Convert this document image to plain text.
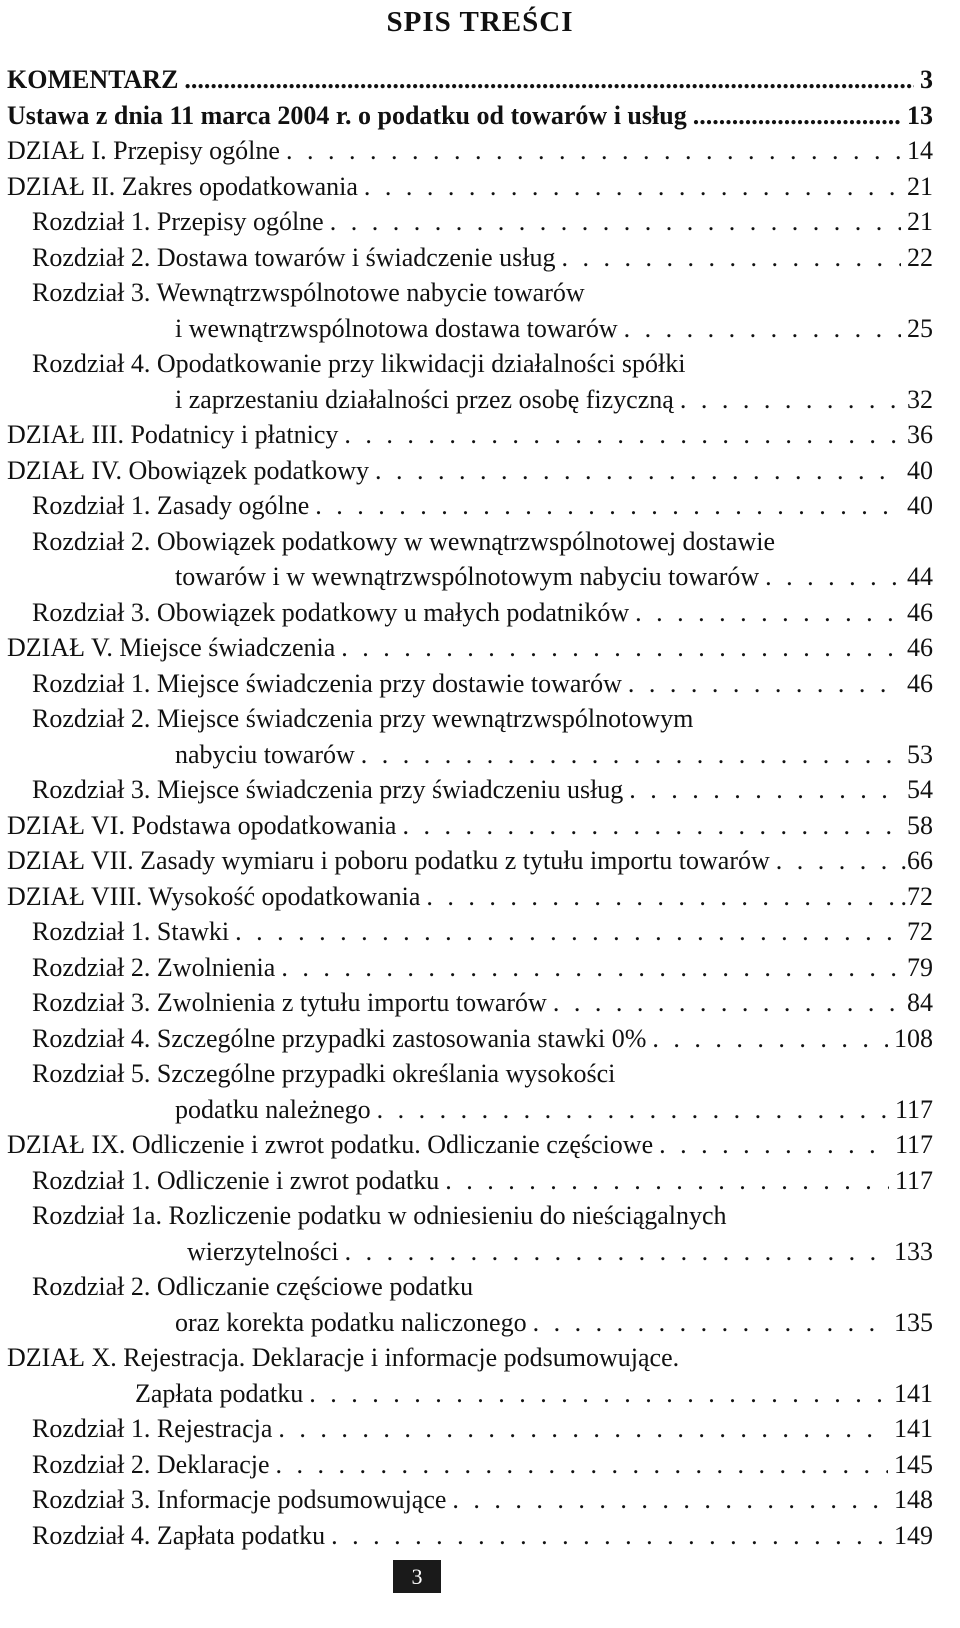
SPIS TREŚCI
KOMENTARZ .....	3
Ustawa z dnia 11 marca 2004 r. o podatku od towarów i usług .....	13
DZIAŁ I. Przepisy ogólne . . .	14
DZIAŁ II. Zakres opodatkowania . . .	21
Rozdział 1. Przepisy ogólne . . .	21
Rozdział 2. Dostawa towarów i świadczenie usług . . .	22
Rozdział 3. Wewnątrzwspólnotowe nabycie towarów
i wewnątrzwspólnotowa dostawa towarów . . .	25
Rozdział 4. Opodatkowanie przy likwidacji działalności spółki
i zaprzestaniu działalności przez osobę fizyczną . . .	32
DZIAŁ III. Podatnicy i płatnicy . . .	36
DZIAŁ IV. Obowiązek podatkowy . . .	40
Rozdział 1. Zasady ogólne . . .	40
Rozdział 2. Obowiązek podatkowy w wewnątrzwspólnotowej dostawie
towarów i w wewnątrzwspólnotowym nabyciu towarów . . .	44
Rozdział 3. Obowiązek podatkowy u małych podatników . . .	46
DZIAŁ V. Miejsce świadczenia . . .	46
Rozdział 1. Miejsce świadczenia przy dostawie towarów . . .	46
Rozdział 2. Miejsce świadczenia przy wewnątrzwspólnotowym
nabyciu towarów . . .	53
Rozdział 3. Miejsce świadczenia przy świadczeniu usług . . .	54
DZIAŁ VI. Podstawa opodatkowania . . .	58
DZIAŁ VII. Zasady wymiaru i poboru podatku z tytułu importu towarów . . .	.66
DZIAŁ VIII. Wysokość opodatkowania . . .	.72
Rozdział 1. Stawki . . .	72
Rozdział 2. Zwolnienia . . .	79
Rozdział 3. Zwolnienia z tytułu importu towarów . . .	84
Rozdział 4. Szczególne przypadki zastosowania stawki 0% . . .	108
Rozdział 5. Szczególne przypadki określania wysokości
podatku należnego . . .	117
DZIAŁ IX. Odliczenie i zwrot podatku. Odliczanie częściowe . . .	117
Rozdział 1. Odliczenie i zwrot podatku . . .	117
Rozdział 1a. Rozliczenie podatku w odniesieniu do nieściągalnych
wierzytelności . . .	133
Rozdział 2. Odliczanie częściowe podatku
oraz korekta podatku naliczonego . . .	135
DZIAŁ X. Rejestracja. Deklaracje i informacje podsumowujące.
Zapłata podatku . . .	141
Rozdział 1. Rejestracja . . .	141
Rozdział 2. Deklaracje . . .	145
Rozdział 3. Informacje podsumowujące . . .	148
Rozdział 4. Zapłata podatku . . .	149
3
